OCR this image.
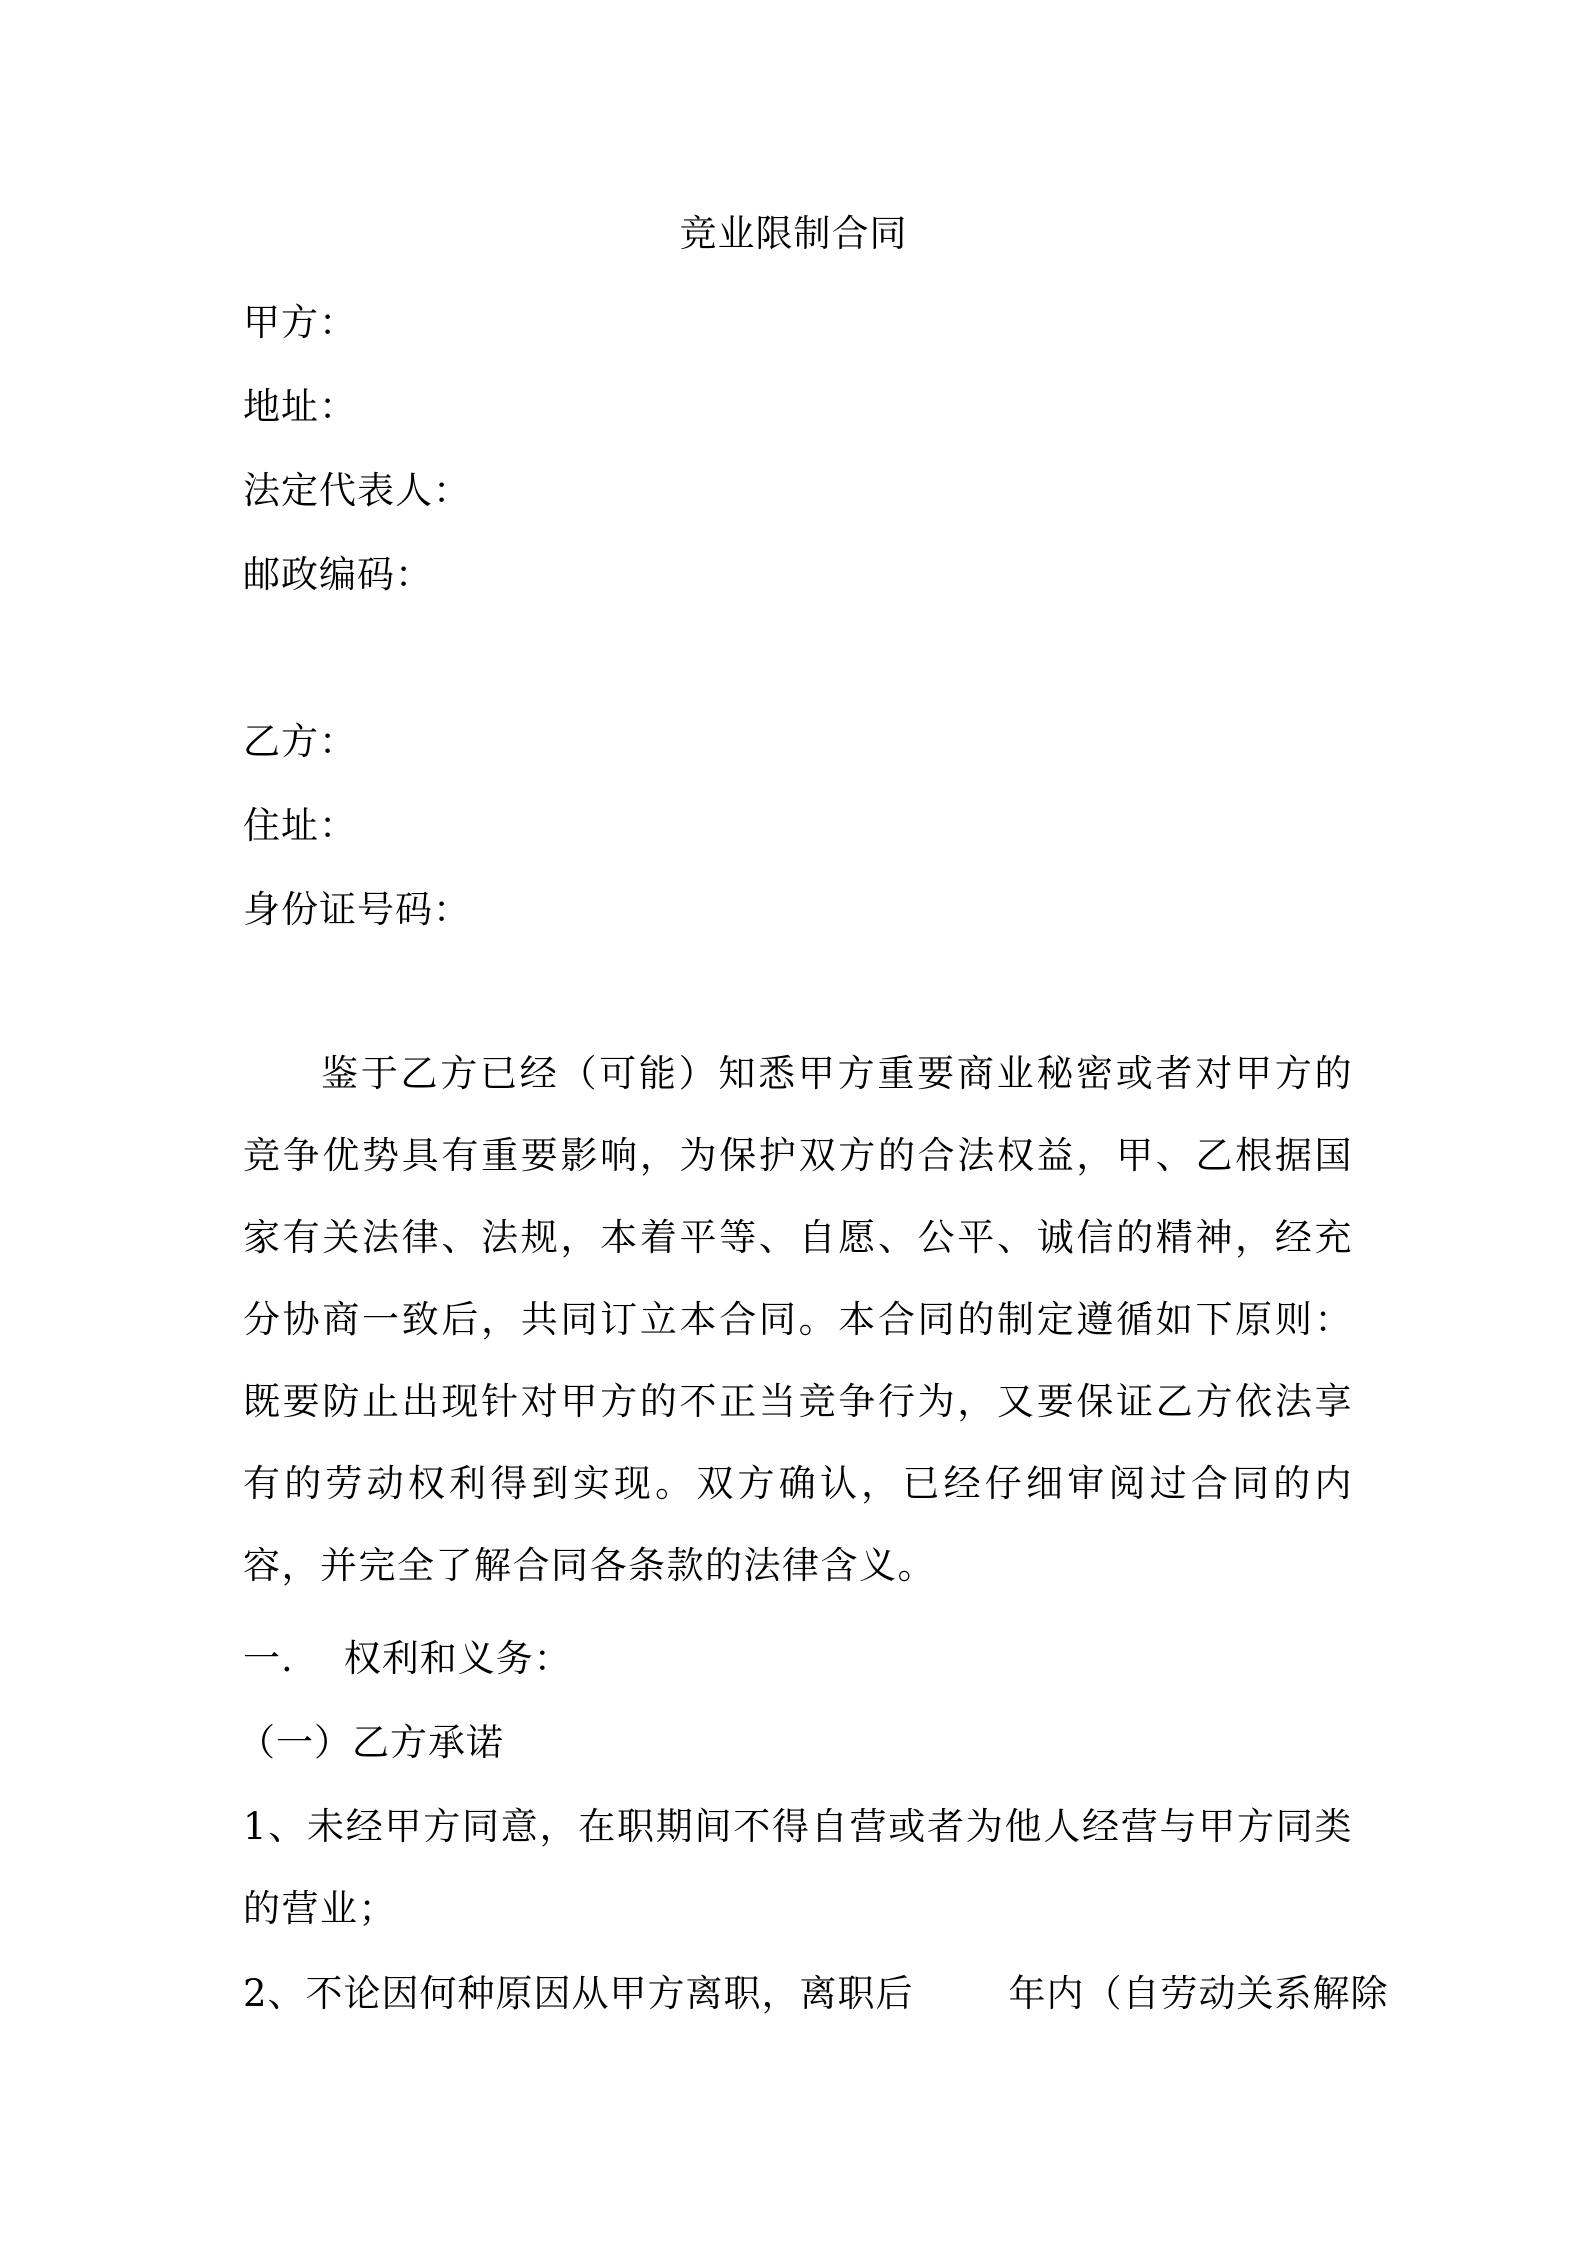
竞业限制合同
甲方：
地址：
法定代表人：
邮政编码：
乙方：
住址：
身份证号码：
鉴于乙方已经（可能）知悉甲方重要商业秘密或者对甲方的竞争优势具有重要影响，为保护双方的合法权益，甲、乙根据国家有关法律、法规，本着平等、自愿、公平、诚信的精神，经充分协商一致后，共同订立本合同。本合同的制定遵循如下原则：既要防止出现针对甲方的不正当竞争行为，又要保证乙方依法享有的劳动权利得到实现。双方确认，已经仔细审阅过合同的内容，并完全了解合同各条款的法律含义。
一. 权利和义务：
（一）乙方承诺
1、未经甲方同意，在职期间不得自营或者为他人经营与甲方同类的营业；
2、不论因何种原因从甲方离职，离职后	年内（自劳动关系解除
